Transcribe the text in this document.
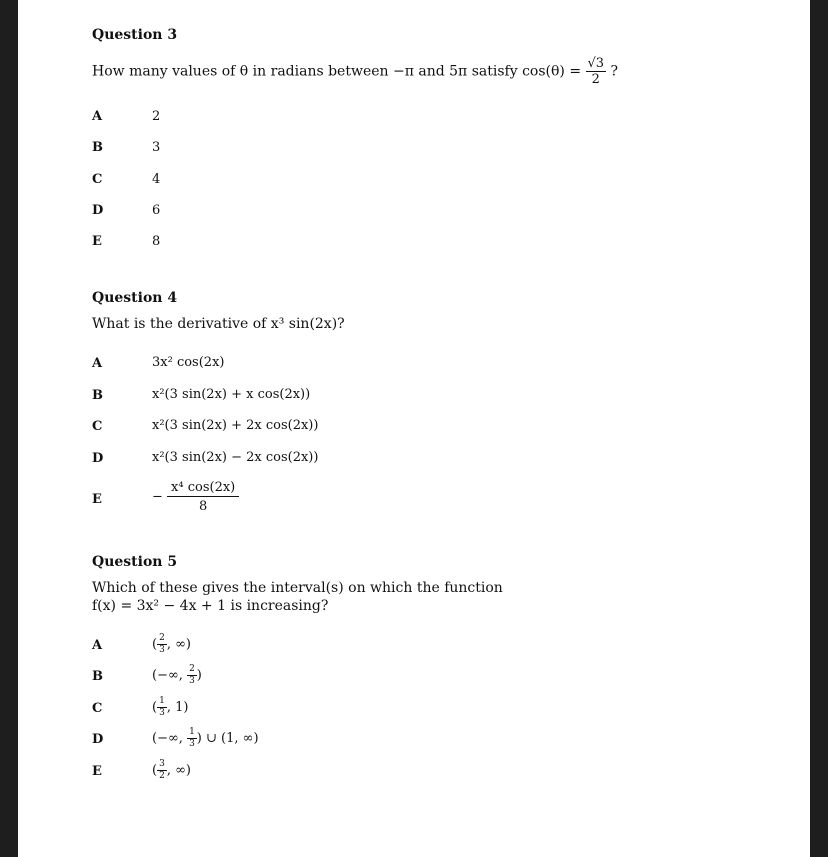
Question 3
How many values of θ in radians between −π and 5π satisfy $\cos(\theta) = \frac{√3}{2}$ ?
A	2
B	3
C	4
D	6
E	8
Question 4
What is the derivative of x³ sin(2x)?
A	3x² cos(2x)
B	x²(3 sin(2x) + x cos(2x))
C	x²(3 sin(2x) + 2x cos(2x))
D	x²(3 sin(2x) − 2x cos(2x))
E	− $\frac{\text{x⁴ cos(2x)}}{8}$
Question 5
Which of these gives the interval(s) on which the function
f(x) = 3x² − 4x + 1 is increasing?
A	( $\frac{2}{3}$ , ∞)
B	(−∞, $\frac{2}{3}$ )
C	( $\frac{1}{3}$ , 1)
D	(−∞, $\frac{1}{3}$ ) ∪ (1, ∞)
E	( $\frac{3}{2}$ , ∞)
